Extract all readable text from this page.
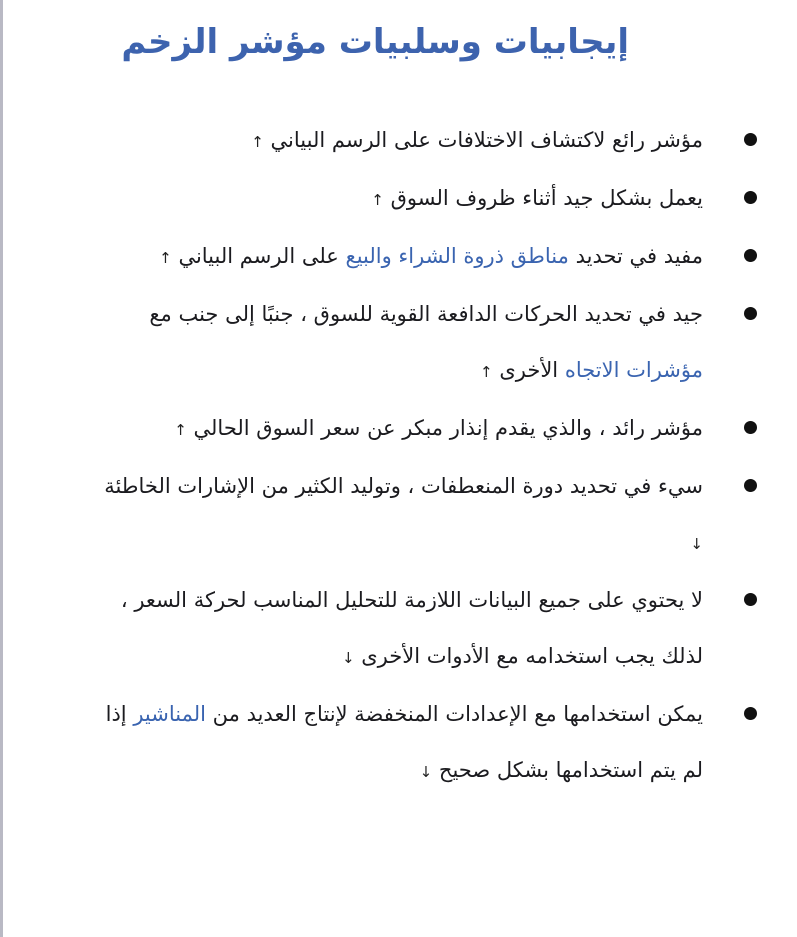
إيجابيات وسلبيات مؤشر الزخم
مؤشر رائع لاكتشاف الاختلافات على الرسم البياني ↑
يعمل بشكل جيد أثناء ظروف السوق ↑
مفيد في تحديد مناطق ذروة الشراء والبيع على الرسم البياني ↑
جيد في تحديد الحركات الدافعة القوية للسوق ، جنبًا إلى جنب مع مؤشرات الاتجاه الأخرى ↑
مؤشر رائد ، والذي يقدم إنذار مبكر عن سعر السوق الحالي ↑
سيء في تحديد دورة المنعطفات ، وتوليد الكثير من الإشارات الخاطئة ↓
لا يحتوي على جميع البيانات اللازمة للتحليل المناسب لحركة السعر ، لذلك يجب استخدامه مع الأدوات الأخرى ↓
يمكن استخدامها مع الإعدادات المنخفضة لإنتاج العديد من المناشير إذا لم يتم استخدامها بشكل صحيح ↓
